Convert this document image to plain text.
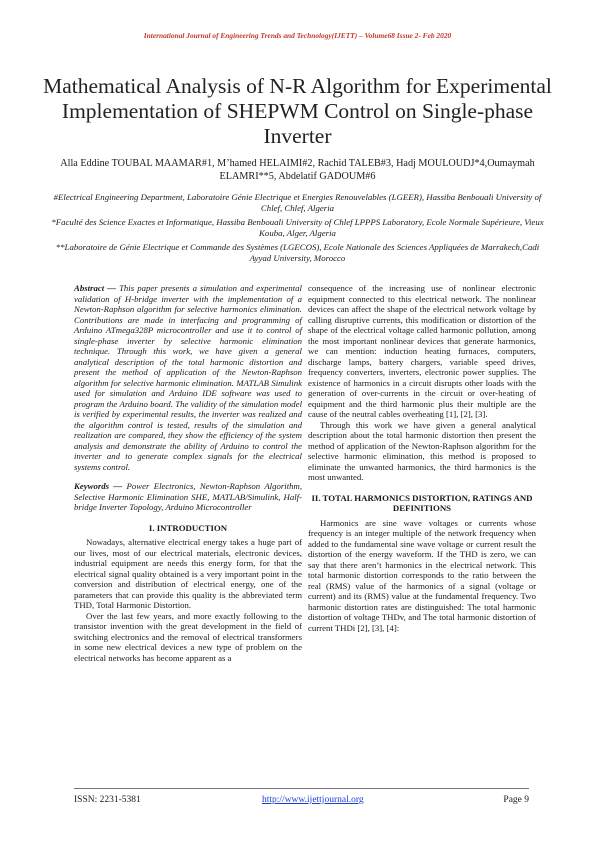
International Journal of Engineering Trends and Technology(IJETT) – Volume68 Issue 2- Feb 2020
Mathematical Analysis of N-R Algorithm for Experimental Implementation of SHEPWM Control on Single-phase Inverter
Alla Eddine TOUBAL MAAMAR#1, M’hamed HELAIMI#2, Rachid TALEB#3, Hadj MOULOUDJ*4,Oumaymah ELAMRI**5, Abdelatif GADOUM#6
#Electrical Engineering Department, Laboratoire Génie Electrique et Energies Renouvelables (LGEER), Hassiba Benbouali University of Chlef, Chlef, Algeria
*Faculté des Science Exactes et Informatique, Hassiba Benbouali University of Chlef LPPPS Laboratory, Ecole Normale Supérieure, Vieux Kouba, Alger, Algeria
**Laboratoire de Génie Electrique et Commande des Systèmes (LGECOS), Ecole Nationale des Sciences Appliquées de Marrakech,Cadi Ayyad University, Morocco
Abstract — This paper presents a simulation and experimental validation of H-bridge inverter with the implementation of a Newton-Raphson algorithm for selective harmonics elimination. Contributions are made in interfacing and programming of Arduino ATmega328P microcontroller and use it to control of single-phase inverter by selective harmonic elimination technique. Through this work, we have given a general analytical description of the total harmonic distortion and present the method of application of the Newton-Raphson algorithm for selective harmonic elimination. MATLAB Simulink used for simulation and Arduino IDE software was used to program the Arduino board. The validity of the simulation model is verified by experimental results, the inverter was realized and the algorithm control is tested, results of the simulation and realization are compared, they show the efficiency of the system analysis and demonstrate the ability of Arduino to control the inverter and to generate complex signals for the electrical systems control.
Keywords — Power Electronics, Newton-Raphson Algorithm, Selective Harmonic Elimination SHE, MATLAB/Simulink, Half-bridge Inverter Topology, Arduino Microcontroller
I. INTRODUCTION

Nowadays, alternative electrical energy takes a huge part of our lives, most of our electrical materials, electronic devices, industrial equipment are needs this energy form, for that the electrical signal quality obtained is a very important point in the conversion and distribution of electrical energy, one of the parameters that can provide this quality is the abbreviated term THD, Total Harmonic Distortion.

Over the last few years, and more exactly following to the transistor invention with the great development in the field of switching electronics and the removal of electrical transformers in some new electrical devices a new type of problem on the electrical networks has become apparent as a

consequence of the increasing use of nonlinear electronic equipment connected to this electrical network. The nonlinear devices can affect the shape of the electrical network voltage by calling disruptive currents, this modification or distortion of the shape of the electrical voltage called harmonic pollution, among the most important nonlinear devices that generate harmonics, we can mention: induction heating furnaces, computers, discharge lamps, battery chargers, variable speed drives, frequency converters, inverters, electronic power supplies. The existence of harmonics in a circuit disrupts other loads with the generation of over-currents in the circuit or over-heating of equipment and the third harmonic plus their multiple are the cause of the neutral cables overheating [1], [2], [3].

Through this work we have given a general analytical description about the total harmonic distortion then present the method of application of the Newton-Raphson algorithm for the selective harmonic elimination, this method is proposed to eliminate the unwanted harmonics, the third harmonics is the most unwanted.

II. TOTAL HARMONICS DISTORTION, RATINGS AND DEFINITIONS

Harmonics are sine wave voltages or currents whose frequency is an integer multiple of the network frequency when added to the fundamental sine wave voltage or current result the distortion of the energy waveform. If the THD is zero, we can say that there aren’t harmonics in the electrical network. This total harmonic distortion corresponds to the ratio between the real (RMS) value of the harmonics of a signal (voltage or current) and its (RMS) value at the fundamental frequency. Two harmonic distortion rates are distinguished: The total harmonic distortion of voltage THDv, and The total harmonic distortion of current THDi [2], [3], [4]:

ISSN: 2231-5381	http://www.ijettjournal.org	Page 9
